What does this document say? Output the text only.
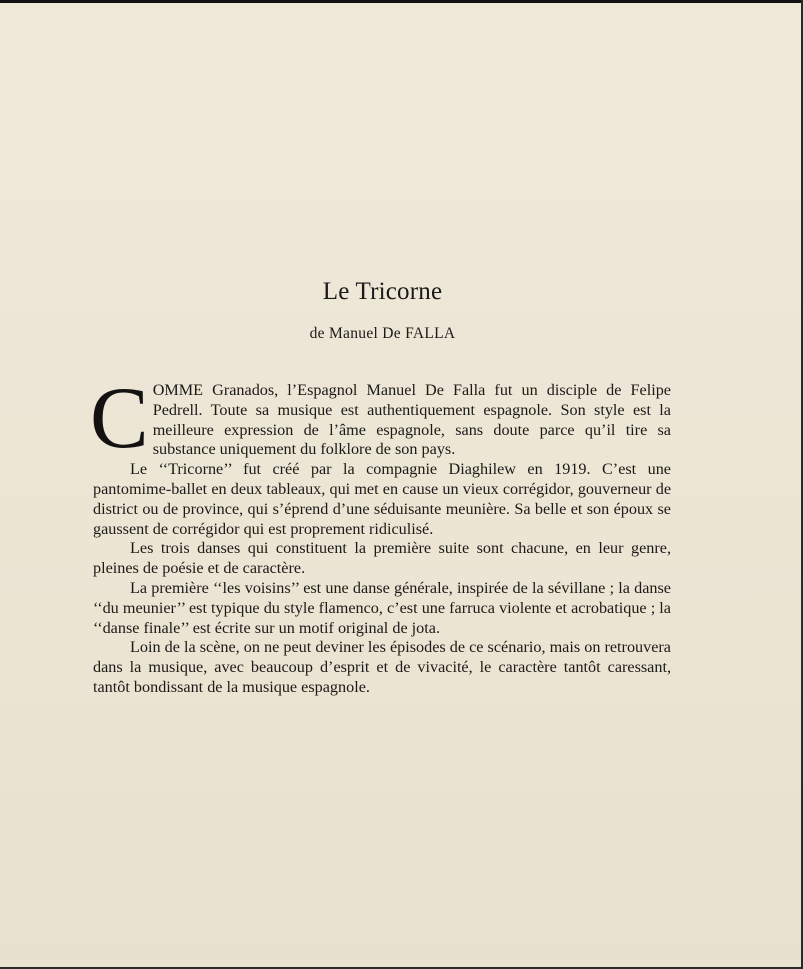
Le Tricorne
de Manuel De FALLA

COMME Granados, l’Espagnol Manuel De Falla fut un disciple de Felipe Pedrell. Toute sa musique est authentiquement espagnole. Son style est la meilleure expression de l’âme espagnole, sans doute parce qu’il tire sa substance uniquement du folklore de son pays.

Le ‘‘Tricorne’’ fut créé par la compagnie Diaghilew en 1919. C’est une pantomime-ballet en deux tableaux, qui met en cause un vieux corrégidor, gouverneur de district ou de province, qui s’éprend d’une séduisante meunière. Sa belle et son époux se gaussent de corrégidor qui est proprement ridiculisé.

Les trois danses qui constituent la première suite sont chacune, en leur genre, pleines de poésie et de caractère.

La première ‘‘les voisins’’ est une danse générale, inspirée de la sévillane ; la danse ‘‘du meunier’’ est typique du style flamenco, c’est une farruca violente et acrobatique ; la ‘‘danse finale’’ est écrite sur un motif original de jota.

Loin de la scène, on ne peut deviner les épisodes de ce scénario, mais on retrouvera dans la musique, avec beaucoup d’esprit et de vivacité, le caractère tantôt caressant, tantôt bondissant de la musique espagnole.
